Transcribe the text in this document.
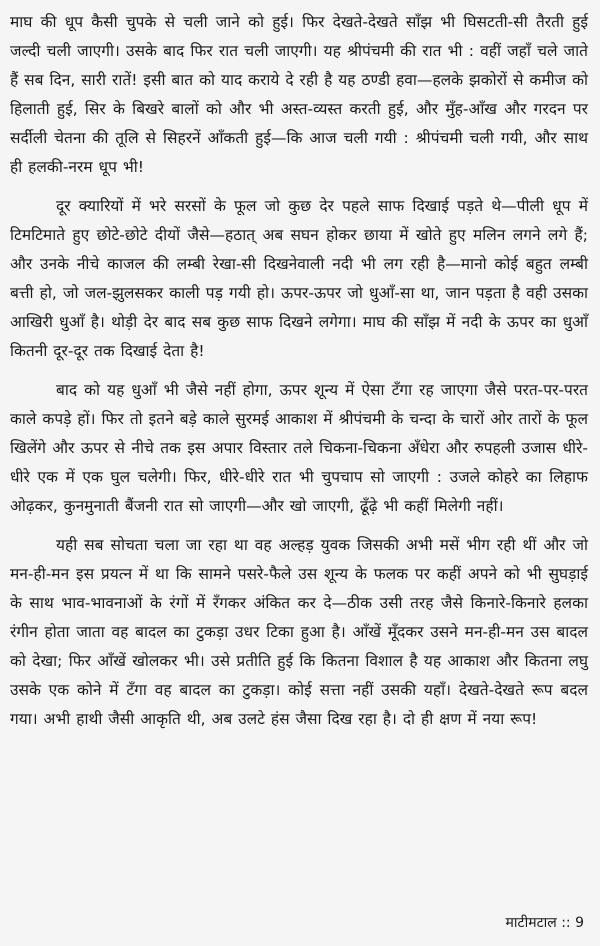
माघ की धूप कैसी चुपके से चली जाने को हुई। फिर देखते-देखते साँझ भी घिसटती-सी तैरती हुई जल्दी चली जाएगी। उसके बाद फिर रात चली जाएगी। यह श्रीपंचमी की रात भी : वहीं जहाँ चले जाते हैं सब दिन, सारी रातें! इसी बात को याद कराये दे रही है यह ठण्डी हवा—हलके झकोरों से कमीज को हिलाती हुई, सिर के बिखरे बालों को और भी अस्त-व्यस्त करती हुई, और मुँह-आँख और गरदन पर सर्दीली चेतना की तूलि से सिहरनें आँकती हुई—कि आज चली गयी : श्रीपंचमी चली गयी, और साथ ही हलकी-नरम धूप भी!

दूर क्यारियों में भरे सरसों के फूल जो कुछ देर पहले साफ दिखाई पड़ते थे—पीली धूप में टिमटिमाते हुए छोटे-छोटे दीयों जैसे—हठात् अब सघन होकर छाया में खोते हुए मलिन लगने लगे हैं; और उनके नीचे काजल की लम्बी रेखा-सी दिखनेवाली नदी भी लग रही है—मानो कोई बहुत लम्बी बत्ती हो, जो जल-झुलसकर काली पड़ गयी हो। ऊपर-ऊपर जो धुआँ-सा था, जान पड़ता है वही उसका आखिरी धुआँ है। थोड़ी देर बाद सब कुछ साफ दिखने लगेगा। माघ की साँझ में नदी के ऊपर का धुआँ कितनी दूर-दूर तक दिखाई देता है!

बाद को यह धुआँ भी जैसे नहीं होगा, ऊपर शून्य में ऐसा टँगा रह जाएगा जैसे परत-पर-परत काले कपड़े हों। फिर तो इतने बड़े काले सुरमई आकाश में श्रीपंचमी के चन्दा के चारों ओर तारों के फूल खिलेंगे और ऊपर से नीचे तक इस अपार विस्तार तले चिकना-चिकना अँधेरा और रुपहली उजास धीरे-धीरे एक में एक घुल चलेगी। फिर, धीरे-धीरे रात भी चुपचाप सो जाएगी : उजले कोहरे का लिहाफ ओढ़कर, कुनमुनाती बैंजनी रात सो जाएगी—और खो जाएगी, ढूँढ़े भी कहीं मिलेगी नहीं।

यही सब सोचता चला जा रहा था वह अल्हड़ युवक जिसकी अभी मसें भीग रही थीं और जो मन-ही-मन इस प्रयत्न में था कि सामने पसरे-फैले उस शून्य के फलक पर कहीं अपने को भी सुघड़ाई के साथ भाव-भावनाओं के रंगों में रँगकर अंकित कर दे—ठीक उसी तरह जैसे किनारे-किनारे हलका रंगीन होता जाता वह बादल का टुकड़ा उधर टिका हुआ है। आँखें मूँदकर उसने मन-ही-मन उस बादल को देखा; फिर आँखें खोलकर भी। उसे प्रतीति हुई कि कितना विशाल है यह आकाश और कितना लघु उसके एक कोने में टँगा वह बादल का टुकड़ा। कोई सत्ता नहीं उसकी यहाँ। देखते-देखते रूप बदल गया। अभी हाथी जैसी आकृति थी, अब उलटे हंस जैसा दिख रहा है। दो ही क्षण में नया रूप!

माटीमटाल :: 9
